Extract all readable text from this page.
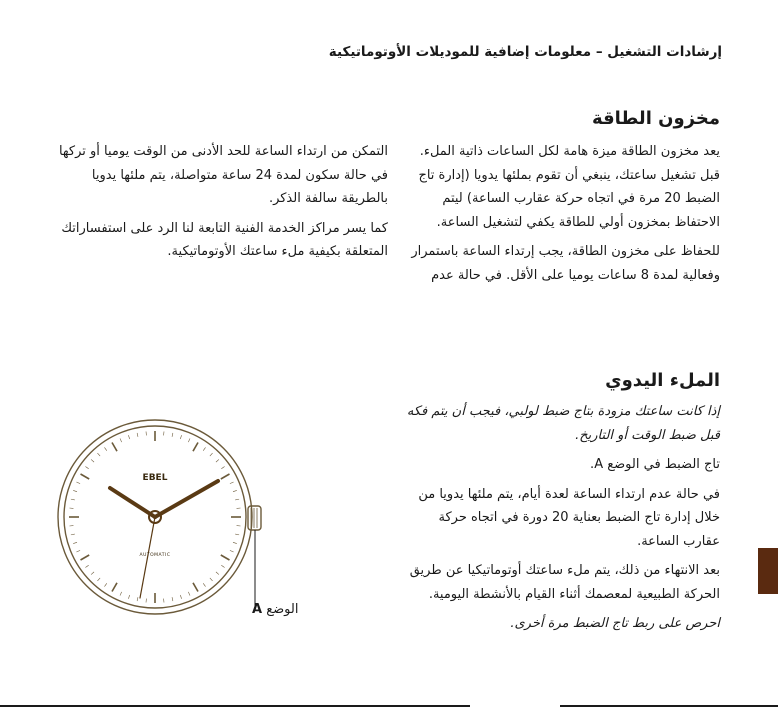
إرشادات التشغيل – معلومات إضافية للموديلات الأوتوماتيكية
مخزون الطاقة

يعد مخزون الطاقة ميزة هامة لكل الساعات ذاتية الملء. قبل تشغيل ساعتك، ينبغي أن تقوم بملئها يدويا (إدارة تاج الضبط 20 مرة في اتجاه حركة عقارب الساعة) ليتم الاحتفاظ بمخزون أولي للطاقة يكفي لتشغيل الساعة.

للحفاظ على مخزون الطاقة، يجب إرتداء الساعة باستمرار وفعالية لمدة 8 ساعات يوميا على الأقل. في حالة عدم

التمكن من ارتداء الساعة للحد الأدنى من الوقت يوميا أو تركها في حالة سكون لمدة 24 ساعة متواصلة، يتم ملئها يدويا بالطريقة سالفة الذكر.

كما يسر مراكز الخدمة الفنية التابعة لنا الرد على استفساراتك المتعلقة بكيفية ملء ساعتك الأوتوماتيكية.

الملء اليدوي

إذا كانت ساعتك مزودة بتاج ضبط لولبي، فيجب أن يتم فكه قبل ضبط الوقت أو التاريخ.

تاج الضبط في الوضع A.

في حالة عدم ارتداء الساعة لعدة أيام، يتم ملئها يدويا من خلال إدارة تاج الضبط بعناية 20 دورة في اتجاه حركة عقارب الساعة.

بعد الانتهاء من ذلك، يتم ملء ساعتك أوتوماتيكيا عن طريق الحركة الطبيعية لمعصمك أثناء القيام بالأنشطة اليومية.

احرص على ربط تاج الضبط مرة أخرى.

EBEL
AUTOMATIC
الوضع A
